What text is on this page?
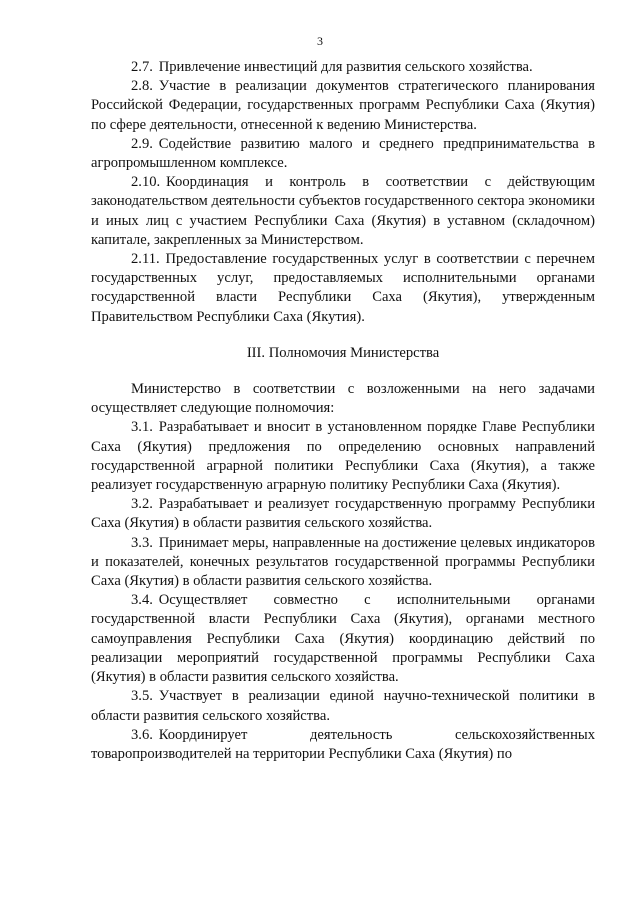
3

2.7. Привлечение инвестиций для развития сельского хозяйства.

2.8. Участие в реализации документов стратегического планирования Российской Федерации, государственных программ Республики Саха (Якутия) по сфере деятельности, отнесенной к ведению Министерства.

2.9. Содействие развитию малого и среднего предпринимательства в агропромышленном комплексе.

2.10. Координация и контроль в соответствии с действующим законодательством деятельности субъектов государственного сектора экономики и иных лиц с участием Республики Саха (Якутия) в уставном (складочном) капитале, закрепленных за Министерством.

2.11. Предоставление государственных услуг в соответствии с перечнем государственных услуг, предоставляемых исполнительными органами государственной власти Республики Саха (Якутия), утвержденным Правительством Республики Саха (Якутия).

III. Полномочия Министерства

Министерство в соответствии с возложенными на него задачами осуществляет следующие полномочия:

3.1. Разрабатывает и вносит в установленном порядке Главе Республики Саха (Якутия) предложения по определению основных направлений государственной аграрной политики Республики Саха (Якутия), а также реализует государственную аграрную политику Республики Саха (Якутия).

3.2. Разрабатывает и реализует государственную программу Республики Саха (Якутия) в области развития сельского хозяйства.

3.3. Принимает меры, направленные на достижение целевых индикаторов и показателей, конечных результатов государственной программы Республики Саха (Якутия) в области развития сельского хозяйства.

3.4. Осуществляет совместно с исполнительными органами государственной власти Республики Саха (Якутия), органами местного самоуправления Республики Саха (Якутия) координацию действий по реализации мероприятий государственной программы Республики Саха (Якутия) в области развития сельского хозяйства.

3.5. Участвует в реализации единой научно-технической политики в области развития сельского хозяйства.

3.6. Координирует деятельность сельскохозяйственных товаропроизводителей на территории Республики Саха (Якутия) по
